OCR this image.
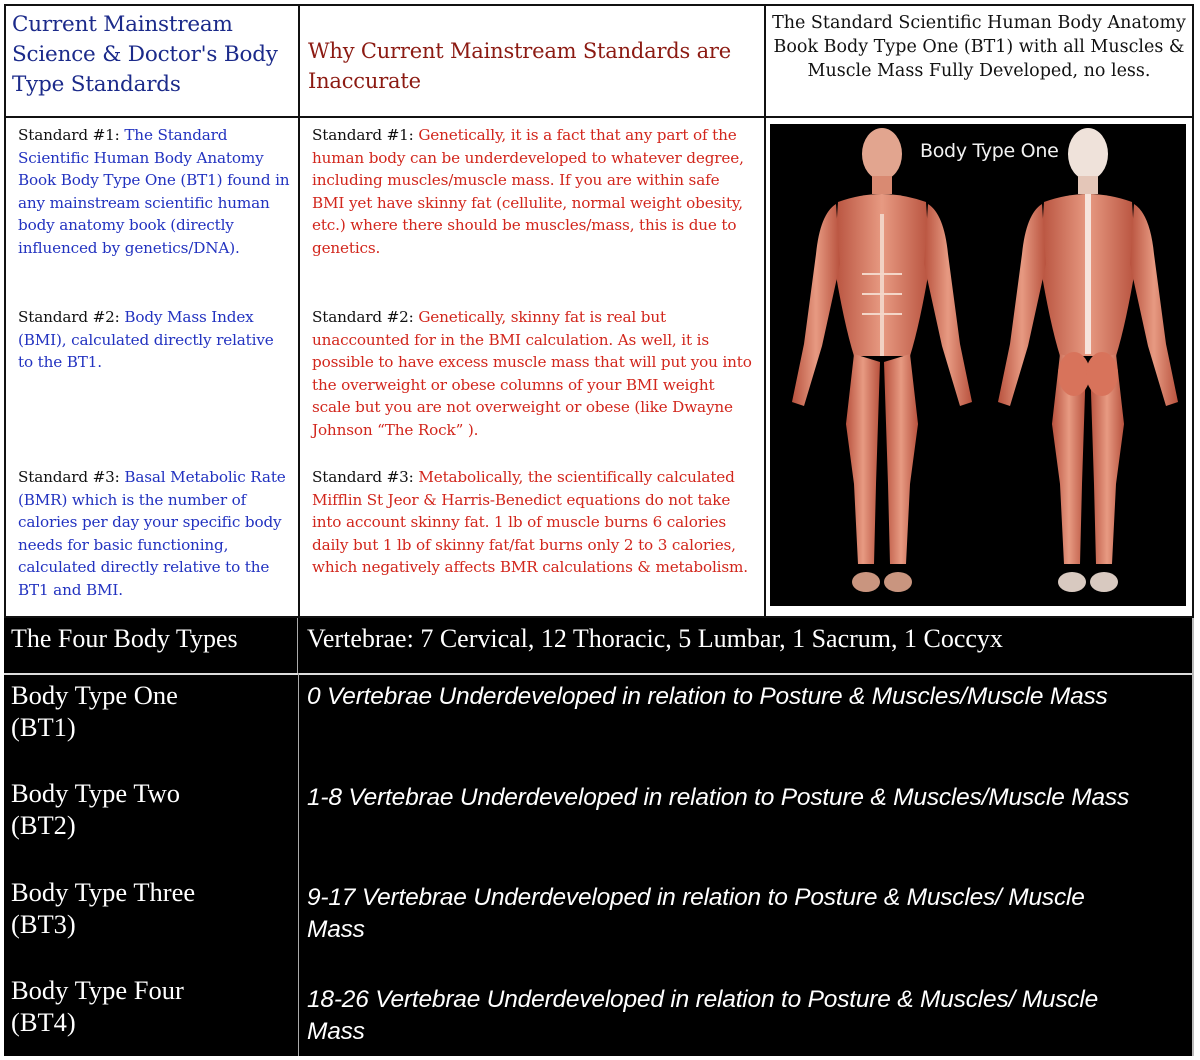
Current Mainstream Science & Doctor's Body Type Standards
Why Current Mainstream Standards are Inaccurate
The Standard Scientific Human Body Anatomy Book Body Type One (BT1) with all Muscles & Muscle Mass Fully Developed, no less.
Standard #1: The Standard Scientific Human Body Anatomy Book Body Type One (BT1) found in any mainstream scientific human body anatomy book (directly influenced by genetics/DNA).
Standard #2: Body Mass Index (BMI), calculated directly relative to the BT1.
Standard #3: Basal Metabolic Rate (BMR) which is the number of calories per day your specific body needs for basic functioning, calculated directly relative to the BT1 and BMI.
Standard #1: Genetically, it is a fact that any part of the human body can be underdeveloped to whatever degree, including muscles/muscle mass. If you are within safe BMI yet have skinny fat (cellulite, normal weight obesity, etc.) where there should be muscles/mass, this is due to genetics.
Standard #2: Genetically, skinny fat is real but unaccounted for in the BMI calculation. As well, it is possible to have excess muscle mass that will put you into the overweight or obese columns of your BMI weight scale but you are not overweight or obese (like Dwayne Johnson “The Rock” ).
Standard #3: Metabolically, the scientifically calculated Mifflin St Jeor & Harris-Benedict equations do not take into account skinny fat. 1 lb of muscle burns 6 calories daily but 1 lb of skinny fat/fat burns only 2 to 3 calories, which negatively affects BMR calculations & metabolism.
Body Type One
The Four Body Types	Vertebrae: 7 Cervical, 12 Thoracic, 5 Lumbar, 1 Sacrum, 1 Coccyx
Body Type One
(BT1)
0 Vertebrae Underdeveloped in relation to Posture & Muscles/Muscle Mass
Body Type Two
(BT2)
1-8 Vertebrae Underdeveloped in relation to Posture & Muscles/Muscle Mass
Body Type Three
(BT3)
9-17 Vertebrae Underdeveloped in relation to Posture & Muscles/ Muscle Mass
Body Type Four
(BT4)
18-26 Vertebrae Underdeveloped in relation to Posture & Muscles/ Muscle Mass
